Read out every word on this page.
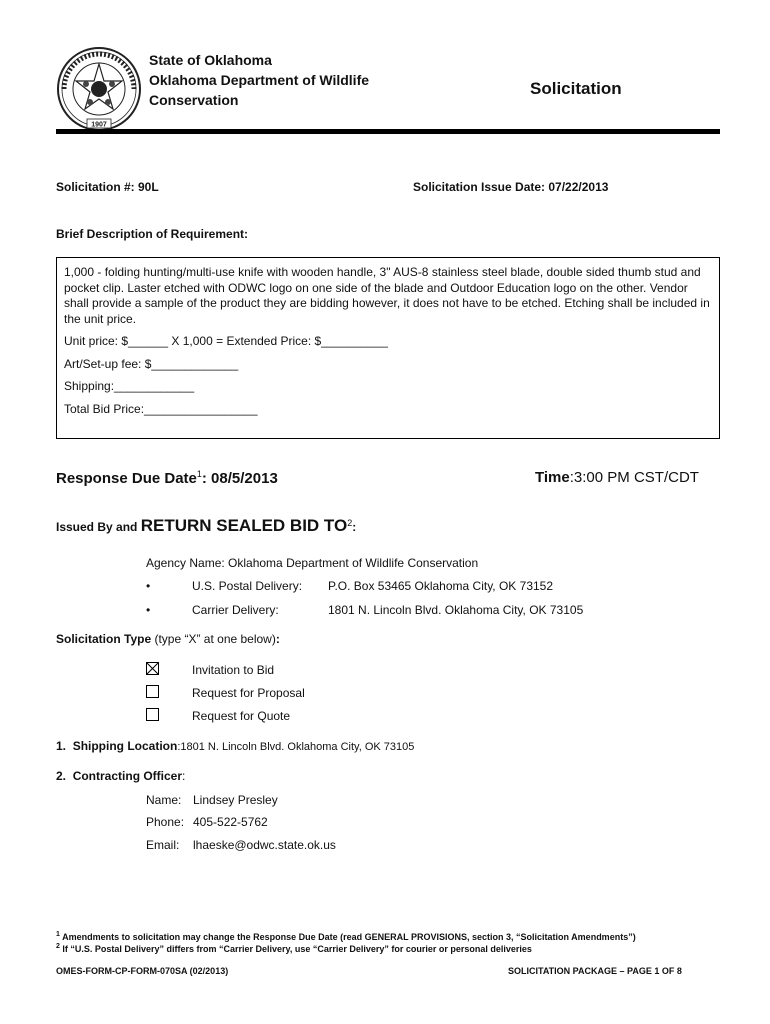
1907
State of Oklahoma
Oklahoma Department of Wildlife
Conservation
Solicitation
Solicitation #: 90L	Solicitation Issue Date: 07/22/2013
Brief Description of Requirement:
1,000 - folding hunting/multi-use knife with wooden handle, 3" AUS-8 stainless steel blade, double sided thumb stud and pocket clip. Laster etched with ODWC logo on one side of the blade and Outdoor Education logo on the other. Vendor shall provide a sample of the product they are bidding however, it does not have to be etched. Etching shall be included in the unit price.
Unit price: $______ X 1,000 = Extended Price: $__________
Art/Set-up fee: $_____________
Shipping:____________
Total Bid Price:_________________
Response Due Date$^1$: 08/5/2013	Time:3:00 PM CST/CDT
Issued By and RETURN SEALED BID $TO^2$:
Agency Name: Oklahoma Department of Wildlife Conservation
•	U.S. Postal Delivery: P.O. Box 53465 Oklahoma City, OK 73152
•	Carrier Delivery:	1801 N. Lincoln Blvd. Oklahoma City, OK 73105
Solicitation Type (type “X” at one below):
Invitation to Bid
Request for Proposal
Request for Quote
1. Shipping Location:1801 N. Lincoln Blvd. Oklahoma City, OK 73105
2. Contracting Officer:
Name: Lindsey Presley
Phone: 405-522-5762
Email: lhaeske@odwc.state.ok.us
$^1$ Amendments to solicitation may change the Response Due Date (read GENERAL PROVISIONS, section 3, “Solicitation Amendments”)
$^2$ If “U.S. Postal Delivery” differs from “Carrier Delivery, use “Carrier Delivery” for courier or personal deliveries
OMES-FORM-CP-FORM-070SA (02/2013)	SOLICITATION PACKAGE – PAGE 1 OF 8
